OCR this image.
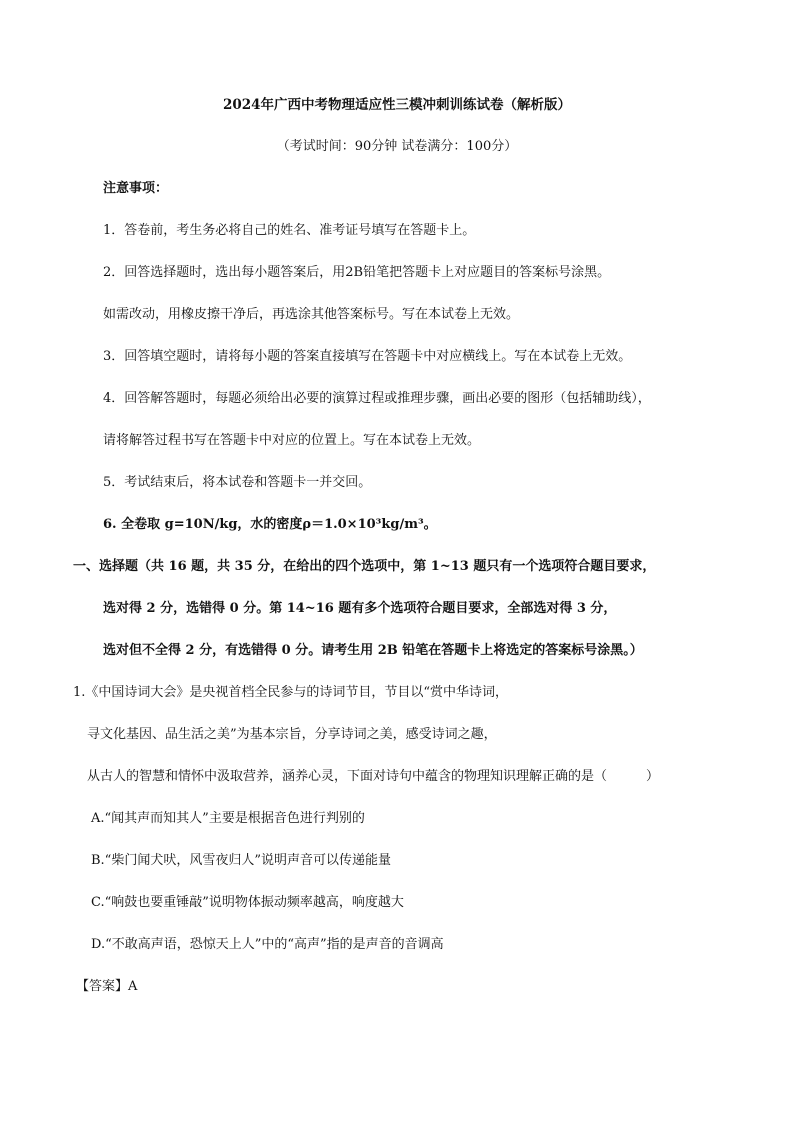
2024年广西中考物理适应性三模冲刺训练试卷（解析版）
（考试时间：90分钟 试卷满分：100分）
注意事项：
1．答卷前，考生务必将自己的姓名、准考证号填写在答题卡上。
2．回答选择题时，选出每小题答案后，用2B铅笔把答题卡上对应题目的答案标号涂黑。
如需改动，用橡皮擦干净后，再选涂其他答案标号。写在本试卷上无效。
3．回答填空题时，请将每小题的答案直接填写在答题卡中对应横线上。写在本试卷上无效。
4．回答解答题时，每题必须给出必要的演算过程或推理步骤，画出必要的图形（包括辅助线），
请将解答过程书写在答题卡中对应的位置上。写在本试卷上无效。
5．考试结束后，将本试卷和答题卡一并交回。
6. 全卷取 g=10N/kg，水的密度ρ＝1.0×10³kg/m³。
一、选择题（共 16 题，共 35 分，在给出的四个选项中，第 1~13 题只有一个选项符合题目要求，
选对得 2 分，选错得 0 分。第 14~16 题有多个选项符合题目要求，全部选对得 3 分，
选对但不全得 2 分，有选错得 0 分。请考生用 2B 铅笔在答题卡上将选定的答案标号涂黑。）
1.《中国诗词大会》是央视首档全民参与的诗词节目，节目以“赏中华诗词，
寻文化基因、品生活之美”为基本宗旨，分享诗词之美，感受诗词之趣，
从古人的智慧和情怀中汲取营养，涵养心灵，下面对诗句中蕴含的物理知识理解正确的是（　　　）
A.“闻其声而知其人”主要是根据音色进行判别的
B.“柴门闻犬吠，风雪夜归人”说明声音可以传递能量
C.“响鼓也要重锤敲”说明物体振动频率越高，响度越大
D.“不敢高声语，恐惊天上人”中的“高声”指的是声音的音调高
【答案】A
